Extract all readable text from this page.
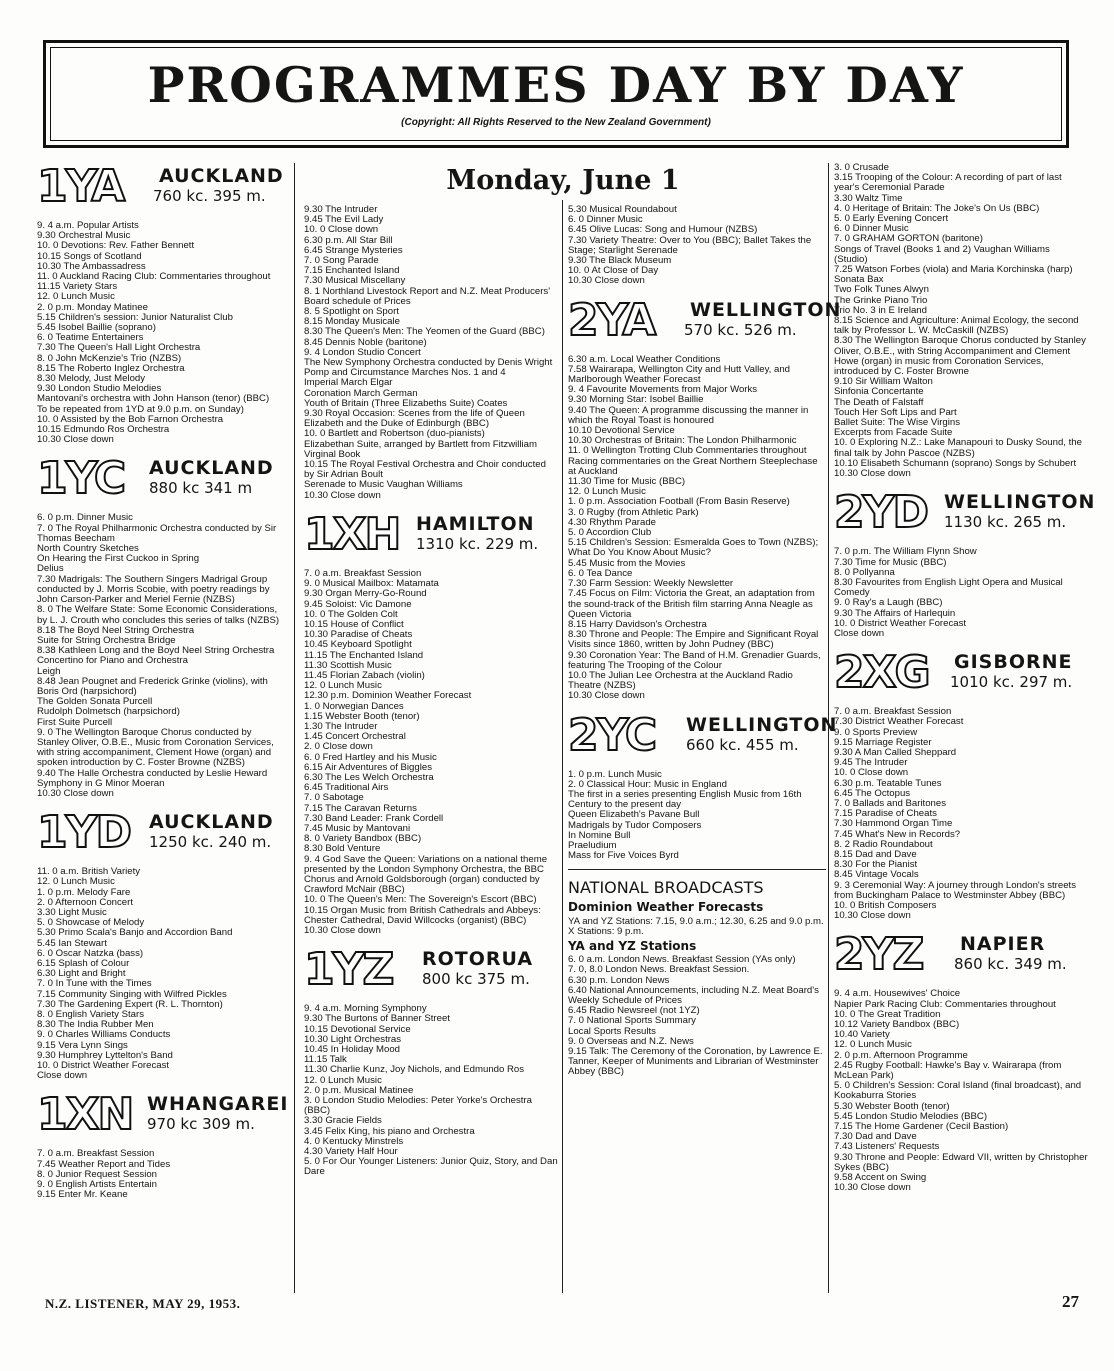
PROGRAMMES DAY BY DAY
(Copyright: All Rights Reserved to the New Zealand Government)
Monday, June 1
1YA AUCKLAND
760 kc. 395 m.
9. 4 a.m. Popular Artists
9.30 Orchestral Music
10. 0 Devotions: Rev. Father Bennett
10.15 Songs of Scotland
10.30 The Ambassadress
11. 0 Auckland Racing Club: Commentaries throughout
11.15 Variety Stars
12. 0 Lunch Music
2. 0 p.m. Monday Matinee
5.15 Children's session: Junior Naturalist Club
5.45 Isobel Baillie (soprano)
6. 0 Teatime Entertainers
7.30 The Queen's Hall Light Orchestra
8. 0 John McKenzie's Trio (NZBS)
8.15 The Roberto Inglez Orchestra
8.30 Melody, Just Melody
9.30 London Studio Melodies
Mantovani's orchestra with John Hanson (tenor) (BBC) To be repeated from 1YD at 9.0 p.m. on Sunday)
10. 0 Assisted by the Bob Farnon Orchestra
10.15 Edmundo Ros Orchestra
10.30 Close down
1YC AUCKLAND
880 kc 341 m
6. 0 p.m. Dinner Music
7. 0 The Royal Philharmonic Orchestra conducted by Sir Thomas Beecham
North Country Sketches
On Hearing the First Cuckoo in Spring
Delius
7.30 Madrigals: The Southern Singers Madrigal Group conducted by J. Morris Scobie, with poetry readings by John Carson-Parker and Meriel Fernie (NZBS)
8. 0 The Welfare State: Some Economic Considerations, by L. J. Crouth who concludes this series of talks (NZBS)
8.18 The Boyd Neel String Orchestra
Suite for String Orchestra Bridge
8.38 Kathleen Long and the Boyd Neel String Orchestra
Concertino for Piano and Orchestra
Leigh
8.48 Jean Pougnet and Frederick Grinke (violins), with Boris Ord (harpsichord)
The Golden Sonata Purcell
Rudolph Dolmetsch (harpsichord)
First Suite Purcell
9. 0 The Wellington Baroque Chorus conducted by Stanley Oliver, O.B.E., Music from Coronation Services, with string accompaniment, Clement Howe (organ) and spoken introduction by C. Foster Browne (NZBS)
9.40 The Halle Orchestra conducted by Leslie Heward
Symphony in G Minor Moeran
10.30 Close down
1YD AUCKLAND
1250 kc. 240 m.
11. 0 a.m. British Variety
12. 0 Lunch Music
1. 0 p.m. Melody Fare
2. 0 Afternoon Concert
3.30 Light Music
5. 0 Showcase of Melody
5.30 Primo Scala's Banjo and Accordion Band
5.45 Ian Stewart
6. 0 Oscar Natzka (bass)
6.15 Splash of Colour
6.30 Light and Bright
7. 0 In Tune with the Times
7.15 Community Singing with Wilfred Pickles
7.30 The Gardening Expert (R. L. Thornton)
8. 0 English Variety Stars
8.30 The India Rubber Men
9. 0 Charles Williams Conducts
9.15 Vera Lynn Sings
9.30 Humphrey Lyttelton's Band
10. 0 District Weather Forecast
Close down
1XN WHANGAREI
970 kc 309 m.
7. 0 a.m. Breakfast Session
7.45 Weather Report and Tides
8. 0 Junior Request Session
9. 0 English Artists Entertain
9.15 Enter Mr. Keane
9.30 The Intruder
9.45 The Evil Lady
10. 0 Close down
6.30 p.m. All Star Bill
6.45 Strange Mysteries
7. 0 Song Parade
7.15 Enchanted Island
7.30 Musical Miscellany
8. 1 Northland Livestock Report and N.Z. Meat Producers' Board schedule of Prices
8. 5 Spotlight on Sport
8.15 Monday Musicale
8.30 The Queen's Men: The Yeomen of the Guard (BBC)
8.45 Dennis Noble (baritone)
9. 4 London Studio Concert
The New Symphony Orchestra conducted by Denis Wright
Pomp and Circumstance Marches Nos. 1 and 4
Imperial March Elgar
Coronation March German
Youth of Britain (Three Elizabeths Suite) Coates
9.30 Royal Occasion: Scenes from the life of Queen Elizabeth and the Duke of Edinburgh (BBC)
10. 0 Bartlett and Robertson (duo-pianists)
Elizabethan Suite, arranged by Bartlett from Fitzwilliam Virginal Book
10.15 The Royal Festival Orchestra and Choir conducted by Sir Adrian Boult
Serenade to Music Vaughan Williams
10.30 Close down
1XH HAMILTON
1310 kc. 229 m.
7. 0 a.m. Breakfast Session
9. 0 Musical Mailbox: Matamata
9.30 Organ Merry-Go-Round
9.45 Soloist: Vic Damone
10. 0 The Golden Colt
10.15 House of Conflict
10.30 Paradise of Cheats
10.45 Keyboard Spotlight
11.15 The Enchanted Island
11.30 Scottish Music
11.45 Florian Zabach (violin)
12. 0 Lunch Music
12.30 p.m. Dominion Weather Forecast
1. 0 Norwegian Dances
1.15 Webster Booth (tenor)
1.30 The Intruder
1.45 Concert Orchestral
2. 0 Close down
6. 0 Fred Hartley and his Music
6.15 Air Adventures of Biggles
6.30 The Les Welch Orchestra
6.45 Traditional Airs
7. 0 Sabotage
7.15 The Caravan Returns
7.30 Band Leader: Frank Cordell
7.45 Music by Mantovani
8. 0 Variety Bandbox (BBC)
8.30 Bold Venture
9. 4 God Save the Queen: Variations on a national theme presented by the London Symphony Orchestra, the BBC Chorus and Arnold Goldsborough (organ) conducted by Crawford McNair (BBC)
10. 0 The Queen's Men: The Sovereign's Escort (BBC)
10.15 Organ Music from British Cathedrals and Abbeys: Chester Cathedral, David Willcocks (organist) (BBC)
10.30 Close down
1YZ ROTORUA
800 kc 375 m.
9. 4 a.m. Morning Symphony
9.30 The Burtons of Banner Street
10.15 Devotional Service
10.30 Light Orchestras
10.45 In Holiday Mood
11.15 Talk
11.30 Charlie Kunz, Joy Nichols, and Edmundo Ros
12. 0 Lunch Music
2. 0 p.m. Musical Matinee
3. 0 London Studio Melodies: Peter Yorke's Orchestra (BBC)
3.30 Gracie Fields
3.45 Felix King, his piano and Orchestra
4. 0 Kentucky Minstrels
4.30 Variety Half Hour
5. 0 For Our Younger Listeners: Junior Quiz, Story, and Dan Dare
5.30 Musical Roundabout
6. 0 Dinner Music
6.45 Olive Lucas: Song and Humour (NZBS)
7.30 Variety Theatre: Over to You (BBC); Ballet Takes the Stage; Starlight Serenade
9.30 The Black Museum
10. 0 At Close of Day
10.30 Close down
2YA WELLINGTON
570 kc. 526 m.
6.30 a.m. Local Weather Conditions
7.58 Wairarapa, Wellington City and Hutt Valley, and Marlborough Weather Forecast
9. 4 Favourite Movements from Major Works
9.30 Morning Star: Isobel Baillie
9.40 The Queen: A programme discussing the manner in which the Royal Toast is honoured
10.10 Devotional Service
10.30 Orchestras of Britain: The London Philharmonic
11. 0 Wellington Trotting Club Commentaries throughout
Racing commentaries on the Great Northern Steeplechase at Auckland
11.30 Time for Music (BBC)
12. 0 Lunch Music
1. 0 p.m. Association Football (From Basin Reserve)
3. 0 Rugby (from Athletic Park)
4.30 Rhythm Parade
5. 0 Accordion Club
5.15 Children's Session: Esmeralda Goes to Town (NZBS); What Do You Know About Music?
5.45 Music from the Movies
6. 0 Tea Dance
7.30 Farm Session: Weekly Newsletter
7.45 Focus on Film: Victoria the Great, an adaptation from the sound-track of the British film starring Anna Neagle as Queen Victoria
8.15 Harry Davidson's Orchestra
8.30 Throne and People: The Empire and Significant Royal Visits since 1860, written by John Pudney (BBC)
9.30 Coronation Year: The Band of H.M. Grenadier Guards, featuring The Trooping of the Colour
10.0 The Julian Lee Orchestra at the Auckland Radio Theatre (NZBS)
10.30 Close down
2YC WELLINGTON
660 kc. 455 m.
1. 0 p.m. Lunch Music
2. 0 Classical Hour: Music in England
The first in a series presenting English Music from 16th Century to the present day
Queen Elizabeth's Pavane Bull
Madrigals by Tudor Composers
In Nomine Bull
Praeludium
Mass for Five Voices Byrd
NATIONAL BROADCASTS
Dominion Weather Forecasts
YA and YZ Stations: 7.15, 9.0 a.m.; 12.30, 6.25 and 9.0 p.m.
X Stations: 9 p.m.
YA and YZ Stations
6. 0 a.m. London News. Breakfast Session (YAs only)
7. 0, 8.0 London News. Breakfast Session.
6.30 p.m. London News
6.40 National Announcements, including N.Z. Meat Board's Weekly Schedule of Prices
6.45 Radio Newsreel (not 1YZ)
7. 0 National Sports Summary
Local Sports Results
9. 0 Overseas and N.Z. News
9.15 Talk: The Ceremony of the Coronation, by Lawrence E. Tanner, Keeper of Muniments and Librarian of Westminster Abbey (BBC)
3. 0 Crusade
3.15 Trooping of the Colour: A recording of part of last year's Ceremonial Parade
3.30 Waltz Time
4. 0 Heritage of Britain: The Joke's On Us (BBC)
5. 0 Early Evening Concert
6. 0 Dinner Music
7. 0 GRAHAM GORTON (baritone)
Songs of Travel (Books 1 and 2) Vaughan Williams
(Studio)
7.25 Watson Forbes (viola) and Maria Korchinska (harp)
Sonata Bax
Two Folk Tunes Alwyn
The Grinke Piano Trio
Trio No. 3 in E Ireland
8.15 Science and Agriculture: Animal Ecology, the second talk by Professor L. W. McCaskill (NZBS)
8.30 The Wellington Baroque Chorus conducted by Stanley Oliver, O.B.E., with String Accompaniment and Clement Howe (organ) in music from Coronation Services, introduced by C. Foster Browne
9.10 Sir William Walton
Sinfonia Concertante
The Death of Falstaff
Touch Her Soft Lips and Part
Ballet Suite: The Wise Virgins
Excerpts from Facade Suite
10. 0 Exploring N.Z.: Lake Manapouri to Dusky Sound, the final talk by John Pascoe (NZBS)
10.10 Elisabeth Schumann (soprano) Songs by Schubert
10.30 Close down
2YD WELLINGTON
1130 kc. 265 m.
7. 0 p.m. The William Flynn Show
7.30 Time for Music (BBC)
8. 0 Pollyanna
8.30 Favourites from English Light Opera and Musical Comedy
9. 0 Ray's a Laugh (BBC)
9.30 The Affairs of Harlequin
10. 0 District Weather Forecast
Close down
2XG GISBORNE
1010 kc. 297 m.
7. 0 a.m. Breakfast Session
7.30 District Weather Forecast
9. 0 Sports Preview
9.15 Marriage Register
9.30 A Man Called Sheppard
9.45 The Intruder
10. 0 Close down
6.30 p.m. Teatable Tunes
6.45 The Octopus
7. 0 Ballads and Baritones
7.15 Paradise of Cheats
7.30 Hammond Organ Time
7.45 What's New in Records?
8. 2 Radio Roundabout
8.15 Dad and Dave
8.30 For the Pianist
8.45 Vintage Vocals
9. 3 Ceremonial Way: A journey through London's streets from Buckingham Palace to Westminster Abbey (BBC)
10. 0 British Composers
10.30 Close down
2YZ NAPIER
860 kc. 349 m.
9. 4 a.m. Housewives' Choice
Napier Park Racing Club: Commentaries throughout
10. 0 The Great Tradition
10.12 Variety Bandbox (BBC)
10.40 Variety
12. 0 Lunch Music
2. 0 p.m. Afternoon Programme
2.45 Rugby Football: Hawke's Bay v. Wairarapa (from McLean Park)
5. 0 Children's Session: Coral Island (final broadcast), and Kookaburra Stories
5.30 Webster Booth (tenor)
5.45 London Studio Melodies (BBC)
7.15 The Home Gardener (Cecil Bastion)
7.30 Dad and Dave
7.43 Listeners' Requests
9.30 Throne and People: Edward VII, written by Christopher Sykes (BBC)
9.58 Accent on Swing
10.30 Close down
N.Z. LISTENER, MAY 29, 1953.	27
